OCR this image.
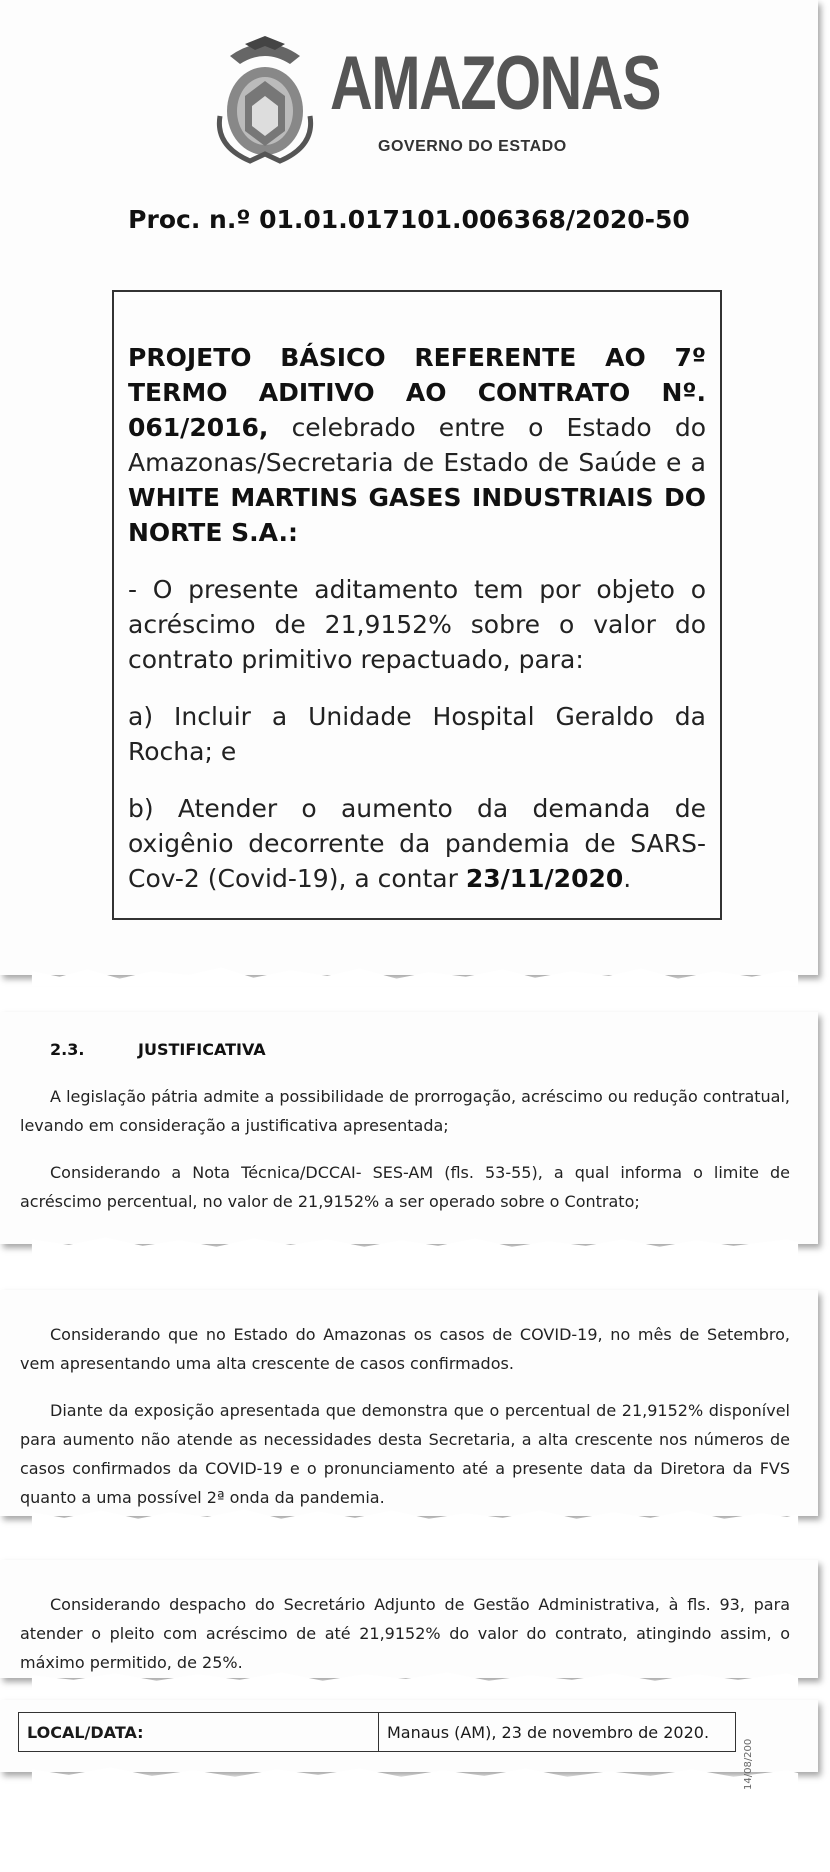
AMAZONAS
GOVERNO DO ESTADO
Proc. n.º 01.01.017101.006368/2020-50

PROJETO BÁSICO REFERENTE AO 7º TERMO ADITIVO AO CONTRATO Nº. 061/2016, celebrado entre o Estado do Amazonas/Secretaria de Estado de Saúde e a WHITE MARTINS GASES INDUSTRIAIS DO NORTE S.A.:

- O presente aditamento tem por objeto o acréscimo de 21,9152% sobre o valor do contrato primitivo repactuado, para:

a) Incluir a Unidade Hospital Geraldo da Rocha; e

b) Atender o aumento da demanda de oxigênio decorrente da pandemia de SARS-Cov-2 (Covid-19), a contar 23/11/2020.

2.3.	JUSTIFICATIVA
A legislação pátria admite a possibilidade de prorrogação, acréscimo ou redução contratual, levando em consideração a justificativa apresentada;
Considerando a Nota Técnica/DCCAI- SES-AM (fls. 53-55), a qual informa o limite de acréscimo percentual, no valor de 21,9152% a ser operado sobre o Contrato;
Considerando que no Estado do Amazonas os casos de COVID-19, no mês de Setembro, vem apresentando uma alta crescente de casos confirmados.
Diante da exposição apresentada que demonstra que o percentual de 21,9152% disponível para aumento não atende as necessidades desta Secretaria, a alta crescente nos números de casos confirmados da COVID-19 e o pronunciamento até a presente data da Diretora da FVS quanto a uma possível 2ª onda da pandemia.
Considerando despacho do Secretário Adjunto de Gestão Administrativa, à fls. 93, para atender o pleito com acréscimo de até 21,9152% do valor do contrato, atingindo assim, o máximo permitido, de 25%.
LOCAL/DATA:	Manaus (AM), 23 de novembro de 2020.
14/08/200
